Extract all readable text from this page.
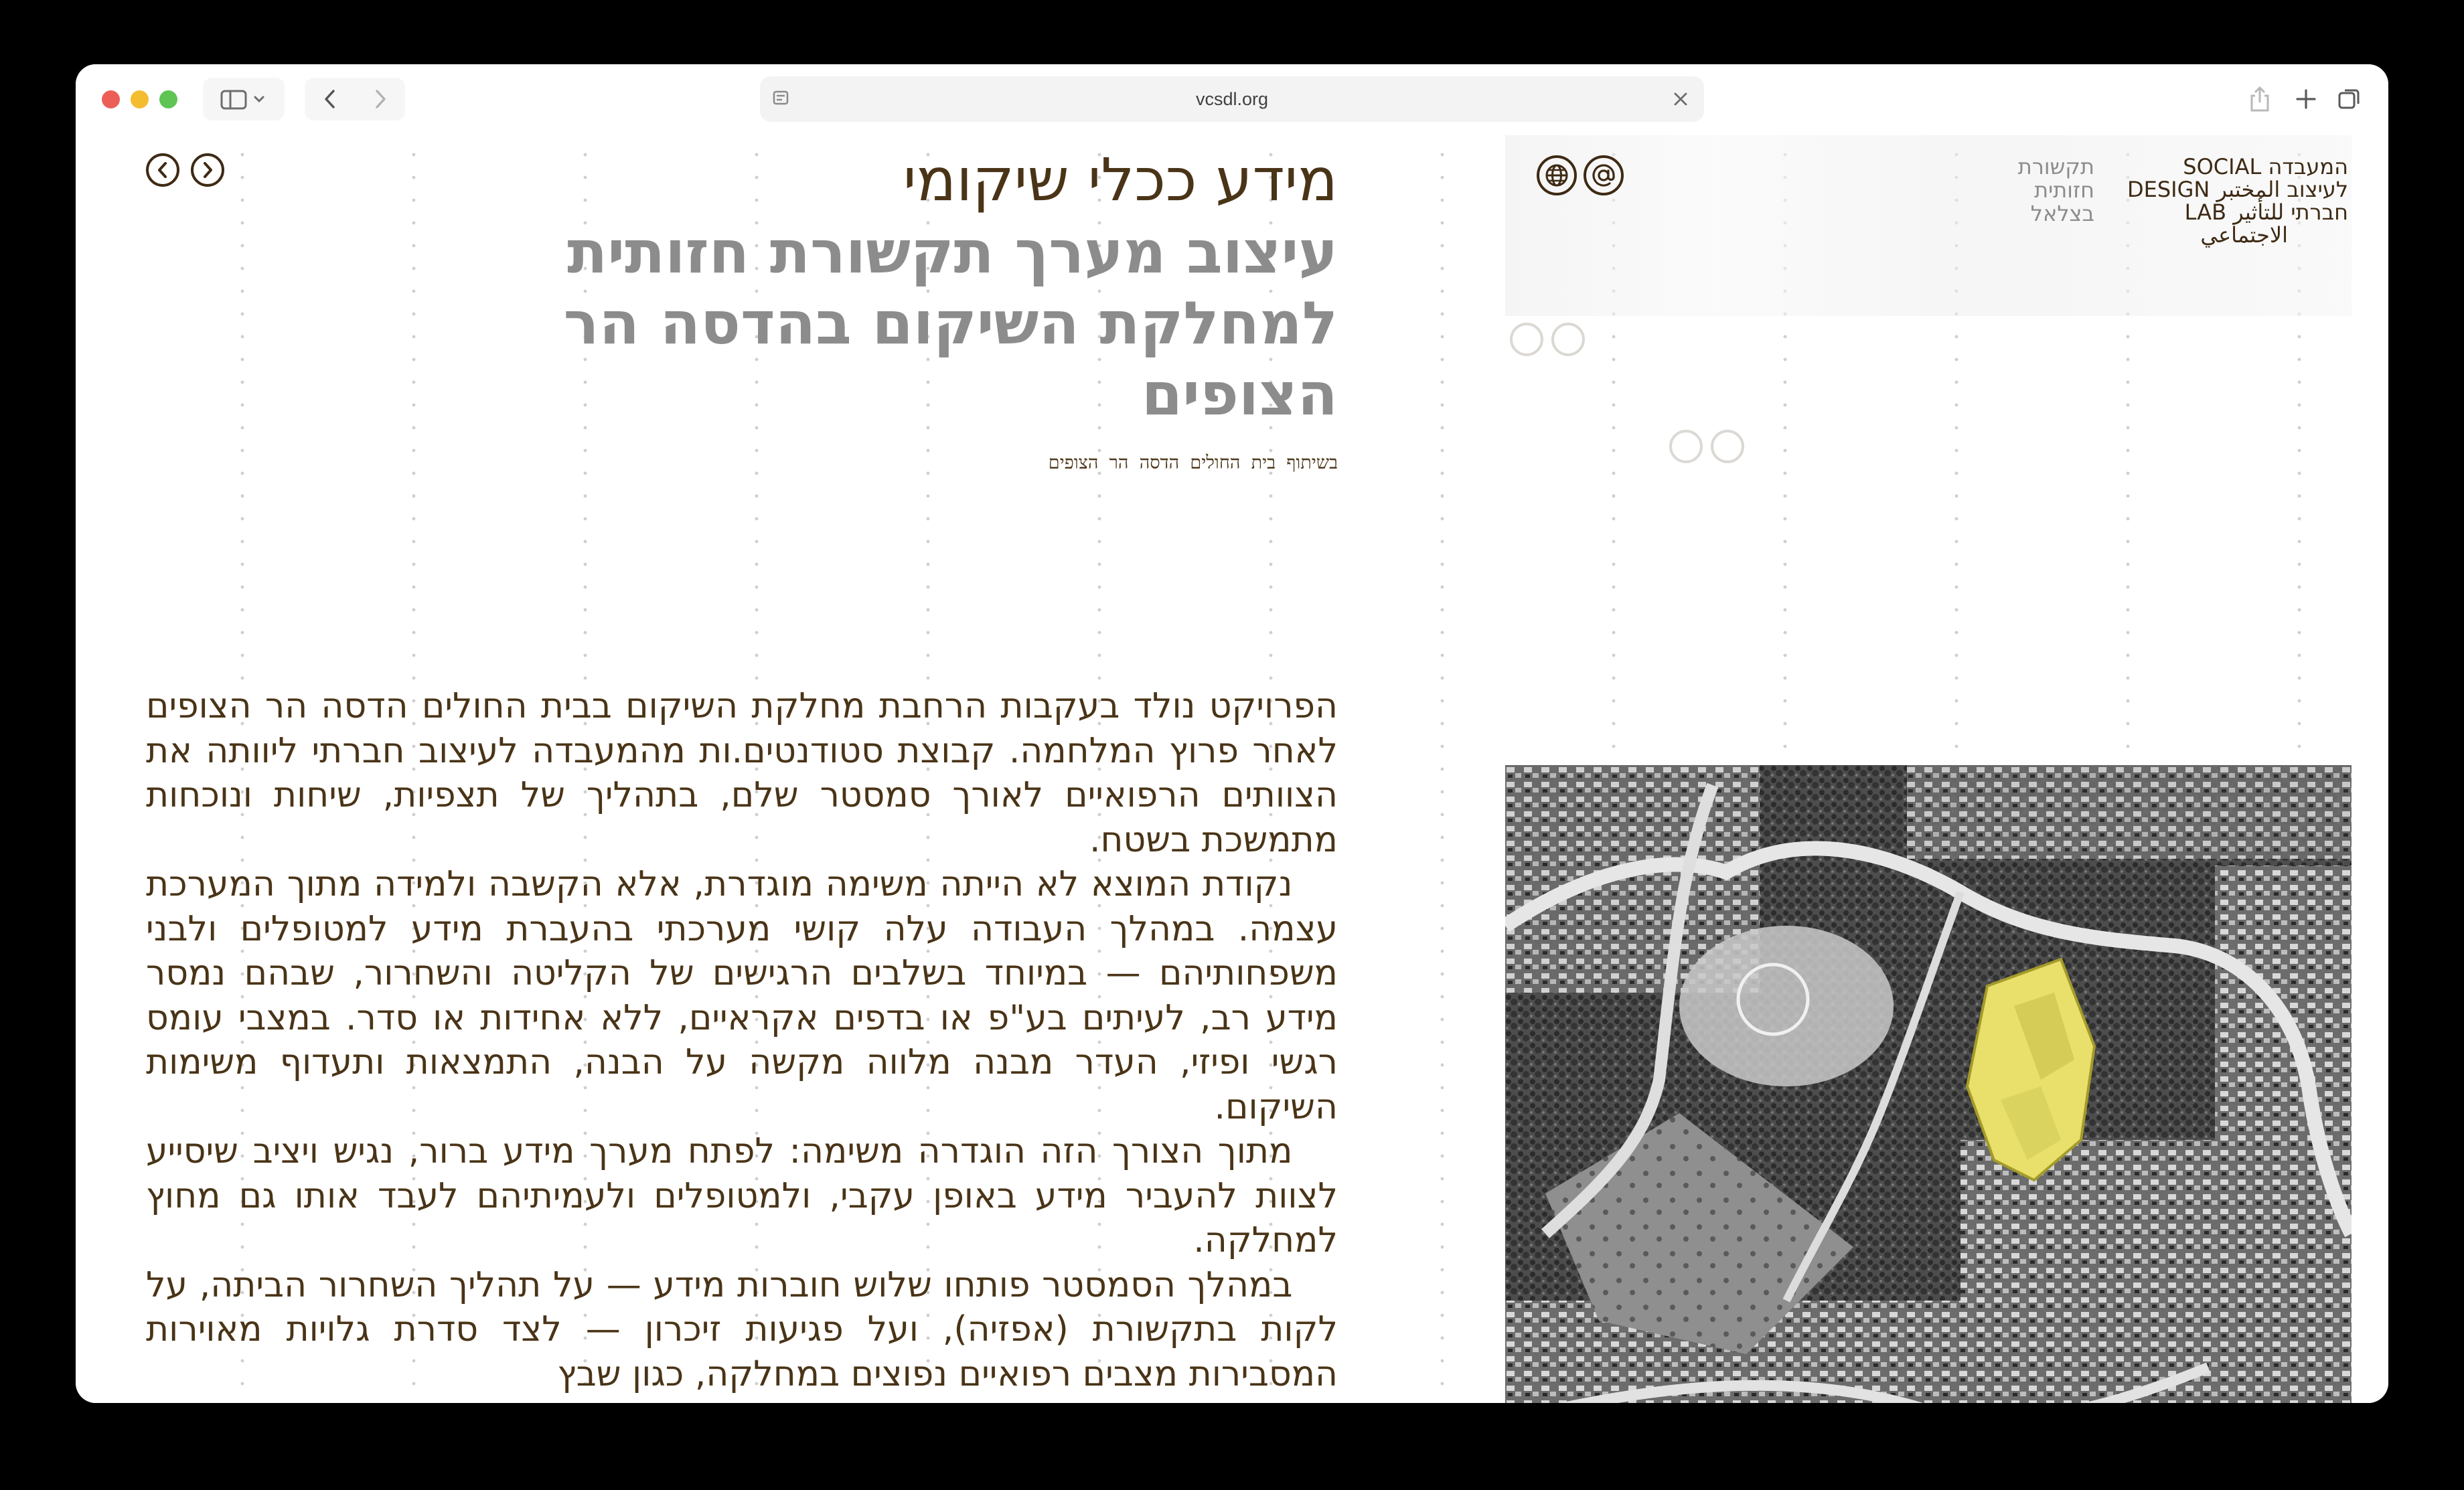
vcsdl.org
מידע ככלי שיקומי
עיצוב מערך תקשורת חזותית למחלקת השיקום בהדסה הר הצופים
בשיתוף בית החולים הדסה הר הצופים

הפרויקט נולד בעקבות הרחבת מחלקת השיקום בבית החולים הדסה הר הצופים לאחר פרוץ המלחמה. קבוצת סטודנטים.ות מהמעבדה לעיצוב חברתי ליוותה את הצוותים הרפואיים לאורך סמסטר שלם, בתהליך של תצפיות, שיחות ונוכחות מתמשכת בשטח.

נקודת המוצא לא הייתה משימה מוגדרת, אלא הקשבה ולמידה מתוך המערכת עצמה. במהלך העבודה עלה קושי מערכתי בהעברת מידע למטופלים ולבני משפחותיהם — במיוחד בשלבים הרגישים של הקליטה והשחרור, שבהם נמסר מידע רב, לעיתים בע"פ או בדפים אקראיים, ללא אחידות או סדר. במצבי עומס רגשי ופיזי, העדר מבנה מלווה מקשה על הבנה, התמצאות ותעדוף משימות השיקום.

מתוך הצורך הזה הוגדרה משימה: לפתח מערך מידע ברור, נגיש ויציב שיסייע לצוות להעביר מידע באופן עקבי, ולמטופלים ולעמיתיהם לעבד אותו גם מחוץ למחלקה.

במהלך הסמסטר פותחו שלוש חוברות מידע — על תהליך השחרור הביתה, על לקות בתקשורת (אפזיה), ועל פגיעות זיכרון — לצד סדרת גלויות מאוירות המסבירות מצבים רפואיים נפוצים במחלקה, כגון שבץ

תקשורת
חזותית
בצלאל
המעבדה SOCIAL
לעיצוב المختبر DESIGN
חברתי للتأثير LAB
الاجتماعي
